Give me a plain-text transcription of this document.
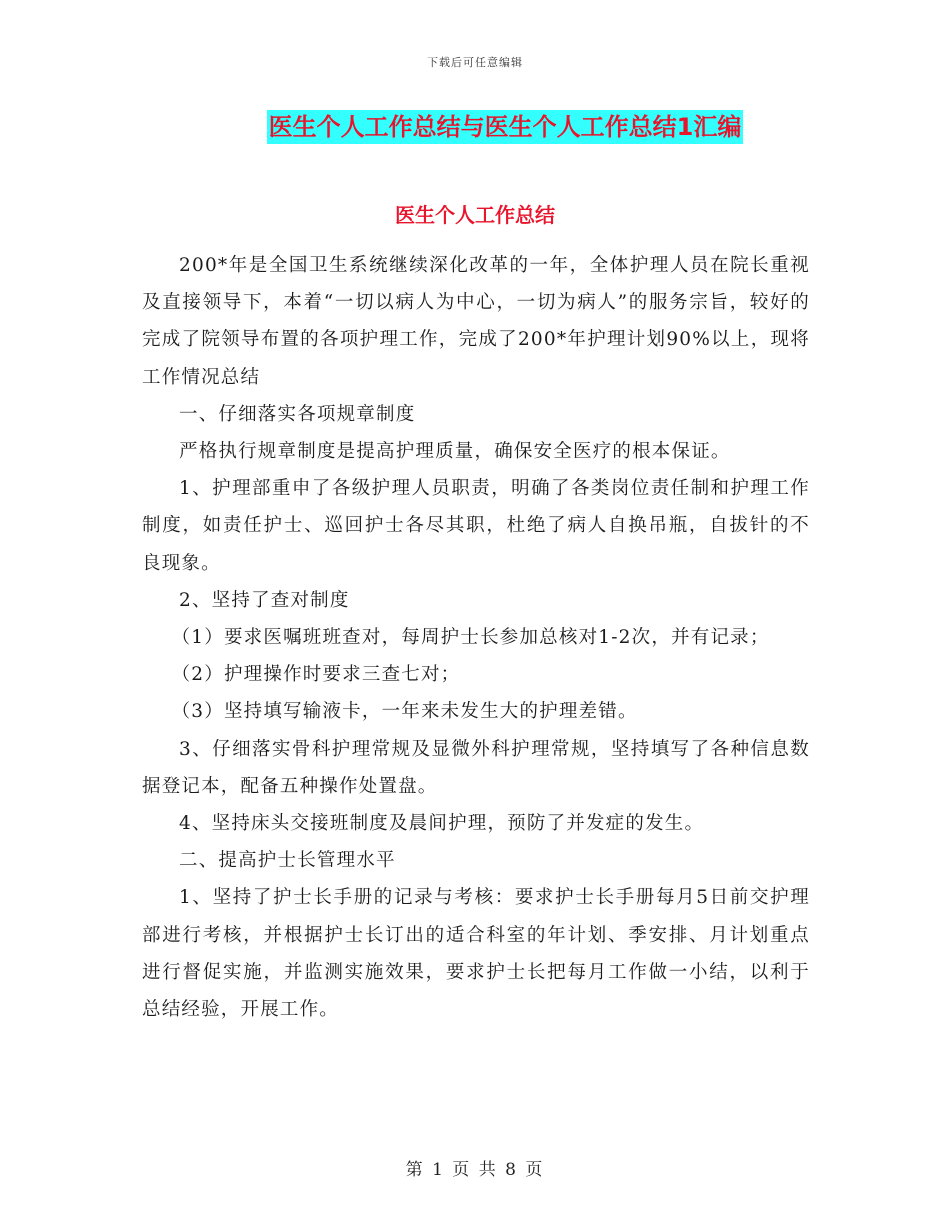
下载后可任意编辑
医生个人工作总结与医生个人工作总结1汇编
医生个人工作总结

200*年是全国卫生系统继续深化改革的一年，全体护理人员在院长重视及直接领导下，本着“一切以病人为中心，一切为病人”的服务宗旨，较好的完成了院领导布置的各项护理工作，完成了200*年护理计划90%以上，现将工作情况总结

一、仔细落实各项规章制度

严格执行规章制度是提高护理质量，确保安全医疗的根本保证。

1、护理部重申了各级护理人员职责，明确了各类岗位责任制和护理工作制度，如责任护士、巡回护士各尽其职，杜绝了病人自换吊瓶，自拔针的不良现象。

2、坚持了查对制度

（1）要求医嘱班班查对，每周护士长参加总核对1-2次，并有记录；

（2）护理操作时要求三查七对；

（3）坚持填写输液卡，一年来未发生大的护理差错。

3、仔细落实骨科护理常规及显微外科护理常规，坚持填写了各种信息数据登记本，配备五种操作处置盘。

4、坚持床头交接班制度及晨间护理，预防了并发症的发生。

二、提高护士长管理水平

1、坚持了护士长手册的记录与考核：要求护士长手册每月5日前交护理部进行考核，并根据护士长订出的适合科室的年计划、季安排、月计划重点进行督促实施，并监测实施效果，要求护士长把每月工作做一小结，以利于总结经验，开展工作。

第 1 页 共 8 页
